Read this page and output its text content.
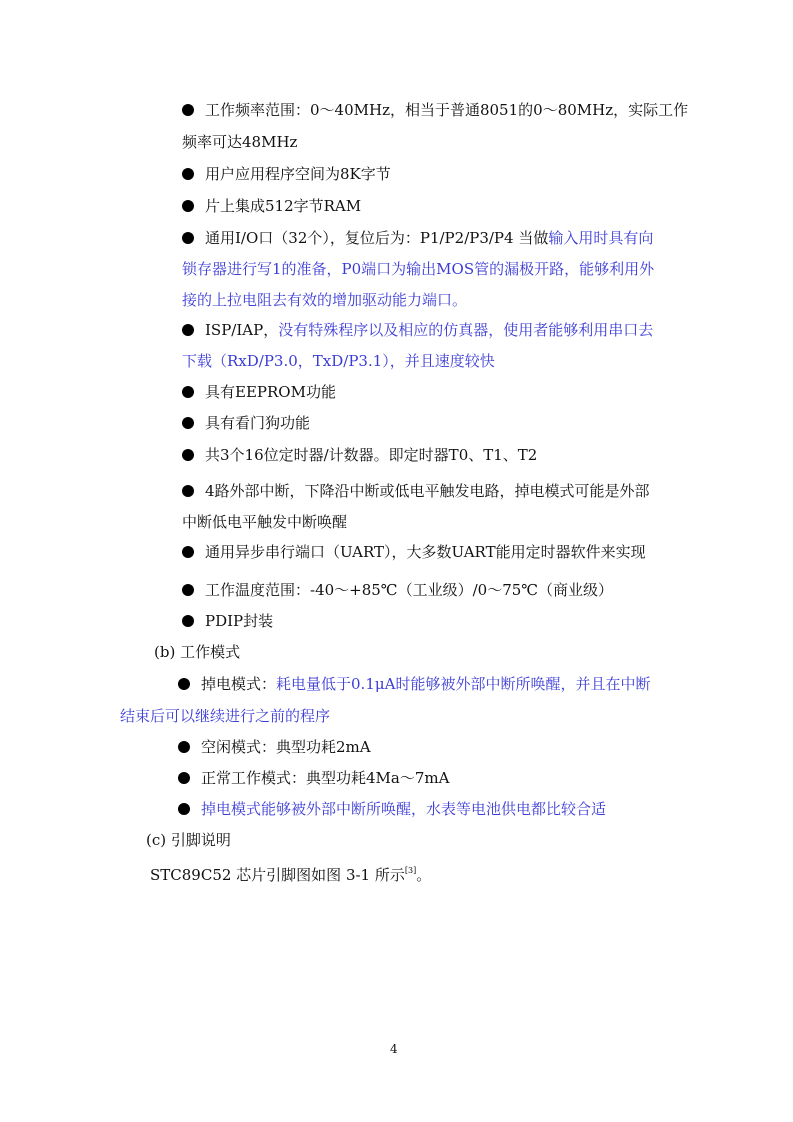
工作频率范围：0～40MHz，相当于普通8051的0～80MHz，实际工作
频率可达48MHz
用户应用程序空间为8K字节
片上集成512字节RAM
通用I/O口（32个），复位后为：P1/P2/P3/P4 当做输入用时具有向
锁存器进行写1的准备，P0端口为输出MOS管的漏极开路，能够利用外
接的上拉电阻去有效的增加驱动能力端口。
ISP/IAP，没有特殊程序以及相应的仿真器，使用者能够利用串口去
下载（RxD/P3.0，TxD/P3.1），并且速度较快
具有EEPROM功能
具有看门狗功能
共3个16位定时器/计数器。即定时器T0、T1、T2
4路外部中断，下降沿中断或低电平触发电路，掉电模式可能是外部
中断低电平触发中断唤醒
通用异步串行端口（UART），大多数UART能用定时器软件来实现
工作温度范围：-40～+85℃（工业级）/0～75℃（商业级）
PDIP封装
(b) 工作模式
掉电模式：耗电量低于0.1μA时能够被外部中断所唤醒，并且在中断
结束后可以继续进行之前的程序
空闲模式：典型功耗2mA
正常工作模式：典型功耗4Ma～7mA
掉电模式能够被外部中断所唤醒，水表等电池供电都比较合适
(c) 引脚说明
STC89C52 芯片引脚图如图 3-1 所示[3]。
4
